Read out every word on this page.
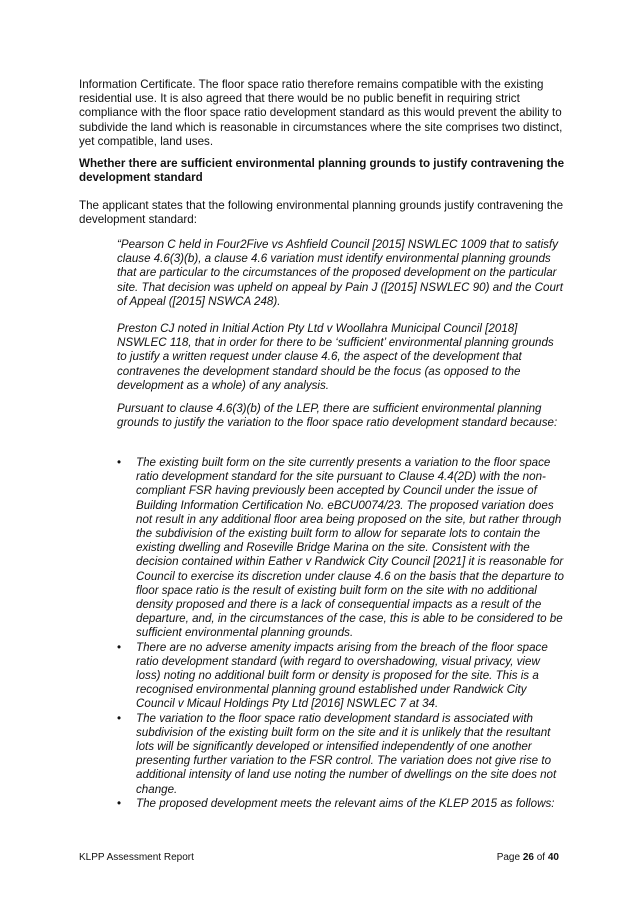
Information Certificate. The floor space ratio therefore remains compatible with the existing residential use. It is also agreed that there would be no public benefit in requiring strict compliance with the floor space ratio development standard as this would prevent the ability to subdivide the land which is reasonable in circumstances where the site comprises two distinct, yet compatible, land uses.

Whether there are sufficient environmental planning grounds to justify contravening the development standard

The applicant states that the following environmental planning grounds justify contravening the development standard:

“Pearson C held in Four2Five vs Ashfield Council [2015] NSWLEC 1009 that to satisfy clause 4.6(3)(b), a clause 4.6 variation must identify environmental planning grounds that are particular to the circumstances of the proposed development on the particular site. That decision was upheld on appeal by Pain J ([2015] NSWLEC 90) and the Court of Appeal ([2015] NSWCA 248).

Preston CJ noted in Initial Action Pty Ltd v Woollahra Municipal Council [2018] NSWLEC 118, that in order for there to be ‘sufficient’ environmental planning grounds to justify a written request under clause 4.6, the aspect of the development that contravenes the development standard should be the focus (as opposed to the development as a whole) of any analysis.

Pursuant to clause 4.6(3)(b) of the LEP, there are sufficient environmental planning grounds to justify the variation to the floor space ratio development standard because:

• The existing built form on the site currently presents a variation to the floor space ratio development standard for the site pursuant to Clause 4.4(2D) with the non-compliant FSR having previously been accepted by Council under the issue of Building Information Certification No. eBCU0074/23. The proposed variation does not result in any additional floor area being proposed on the site, but rather through the subdivision of the existing built form to allow for separate lots to contain the existing dwelling and Roseville Bridge Marina on the site. Consistent with the decision contained within Eather v Randwick City Council [2021] it is reasonable for Council to exercise its discretion under clause 4.6 on the basis that the departure to floor space ratio is the result of existing built form on the site with no additional density proposed and there is a lack of consequential impacts as a result of the departure, and, in the circumstances of the case, this is able to be considered to be sufficient environmental planning grounds.
• There are no adverse amenity impacts arising from the breach of the floor space ratio development standard (with regard to overshadowing, visual privacy, view loss) noting no additional built form or density is proposed for the site. This is a recognised environmental planning ground established under Randwick City Council v Micaul Holdings Pty Ltd [2016] NSWLEC 7 at 34.
• The variation to the floor space ratio development standard is associated with subdivision of the existing built form on the site and it is unlikely that the resultant lots will be significantly developed or intensified independently of one another presenting further variation to the FSR control. The variation does not give rise to additional intensity of land use noting the number of dwellings on the site does not change.
• The proposed development meets the relevant aims of the KLEP 2015 as follows:
KLPP Assessment Report	Page 26 of 40
